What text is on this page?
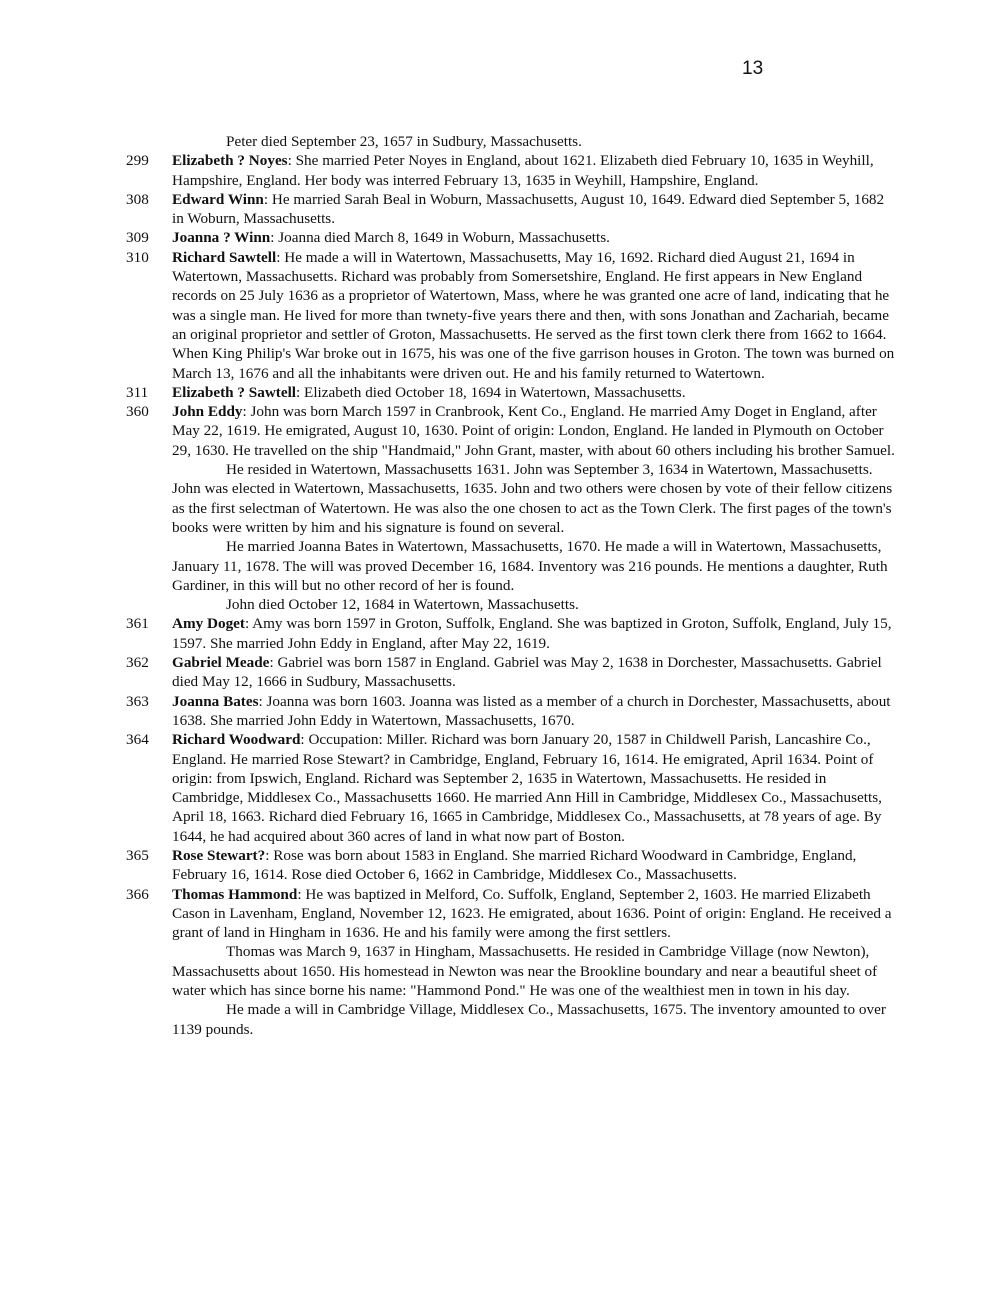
13

Peter died September 23, 1657 in Sudbury, Massachusetts.

299	Elizabeth ? Noyes: She married Peter Noyes in England, about 1621. Elizabeth died February 10, 1635 in Weyhill, Hampshire, England. Her body was interred February 13, 1635 in Weyhill, Hampshire, England.
308	Edward Winn: He married Sarah Beal in Woburn, Massachusetts, August 10, 1649. Edward died September 5, 1682 in Woburn, Massachusetts.
309	Joanna ? Winn: Joanna died March 8, 1649 in Woburn, Massachusetts.
310	Richard Sawtell: He made a will in Watertown, Massachusetts, May 16, 1692. Richard died August 21, 1694 in Watertown, Massachusetts. Richard was probably from Somersetshire, England. He first appears in New England records on 25 July 1636 as a proprietor of Watertown, Mass, where he was granted one acre of land, indicating that he was a single man. He lived for more than twnety-five years there and then, with sons Jonathan and Zachariah, became an original proprietor and settler of Groton, Massachusetts. He served as the first town clerk there from 1662 to 1664. When King Philip's War broke out in 1675, his was one of the five garrison houses in Groton. The town was burned on March 13, 1676 and all the inhabitants were driven out. He and his family returned to Watertown.
311	Elizabeth ? Sawtell: Elizabeth died October 18, 1694 in Watertown, Massachusetts.
360	John Eddy: John was born March 1597 in Cranbrook, Kent Co., England. He married Amy Doget in England, after May 22, 1619. He emigrated, August 10, 1630. Point of origin: London, England. He landed in Plymouth on October 29, 1630. He travelled on the ship "Handmaid," John Grant, master, with about 60 others including his brother Samuel.

He resided in Watertown, Massachusetts 1631. John was September 3, 1634 in Watertown, Massachusetts. John was elected in Watertown, Massachusetts, 1635. John and two others were chosen by vote of their fellow citizens as the first selectman of Watertown. He was also the one chosen to act as the Town Clerk. The first pages of the town's books were written by him and his signature is found on several.

He married Joanna Bates in Watertown, Massachusetts, 1670. He made a will in Watertown, Massachusetts, January 11, 1678. The will was proved December 16, 1684. Inventory was 216 pounds. He mentions a daughter, Ruth Gardiner, in this will but no other record of her is found.

John died October 12, 1684 in Watertown, Massachusetts.

361	Amy Doget: Amy was born 1597 in Groton, Suffolk, England. She was baptized in Groton, Suffolk, England, July 15, 1597. She married John Eddy in England, after May 22, 1619.
362	Gabriel Meade: Gabriel was born 1587 in England. Gabriel was May 2, 1638 in Dorchester, Massachusetts. Gabriel died May 12, 1666 in Sudbury, Massachusetts.
363	Joanna Bates: Joanna was born 1603. Joanna was listed as a member of a church in Dorchester, Massachusetts, about 1638. She married John Eddy in Watertown, Massachusetts, 1670.
364	Richard Woodward: Occupation: Miller. Richard was born January 20, 1587 in Childwell Parish, Lancashire Co., England. He married Rose Stewart? in Cambridge, England, February 16, 1614. He emigrated, April 1634. Point of origin: from Ipswich, England. Richard was September 2, 1635 in Watertown, Massachusetts. He resided in Cambridge, Middlesex Co., Massachusetts 1660. He married Ann Hill in Cambridge, Middlesex Co., Massachusetts, April 18, 1663. Richard died February 16, 1665 in Cambridge, Middlesex Co., Massachusetts, at 78 years of age. By 1644, he had acquired about 360 acres of land in what now part of Boston.
365	Rose Stewart?: Rose was born about 1583 in England. She married Richard Woodward in Cambridge, England, February 16, 1614. Rose died October 6, 1662 in Cambridge, Middlesex Co., Massachusetts.
366	Thomas Hammond: He was baptized in Melford, Co. Suffolk, England, September 2, 1603. He married Elizabeth Cason in Lavenham, England, November 12, 1623. He emigrated, about 1636. Point of origin: England. He received a grant of land in Hingham in 1636. He and his family were among the first settlers.

Thomas was March 9, 1637 in Hingham, Massachusetts. He resided in Cambridge Village (now Newton), Massachusetts about 1650. His homestead in Newton was near the Brookline boundary and near a beautiful sheet of water which has since borne his name: "Hammond Pond." He was one of the wealthiest men in town in his day.

He made a will in Cambridge Village, Middlesex Co., Massachusetts, 1675. The inventory amounted to over 1139 pounds.
